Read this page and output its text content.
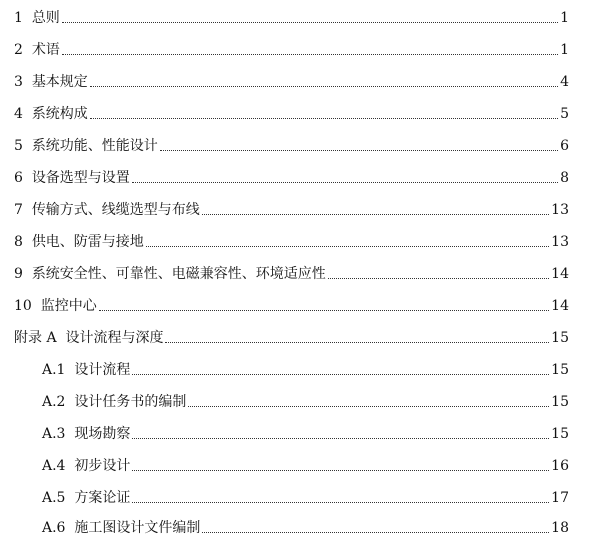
1 总则	1
2 术语	1
3 基本规定	4
4 系统构成	5
5 系统功能、性能设计	6
6 设备选型与设置	8
7 传输方式、线缆选型与布线	13
8 供电、防雷与接地	13
9 系统安全性、可靠性、电磁兼容性、环境适应性	14
10 监控中心	14
附录 A 设计流程与深度	15
A.1 设计流程	15
A.2 设计任务书的编制	15
A.3 现场勘察	15
A.4 初步设计	16
A.5 方案论证	17
A.6 施工图设计文件编制	18
